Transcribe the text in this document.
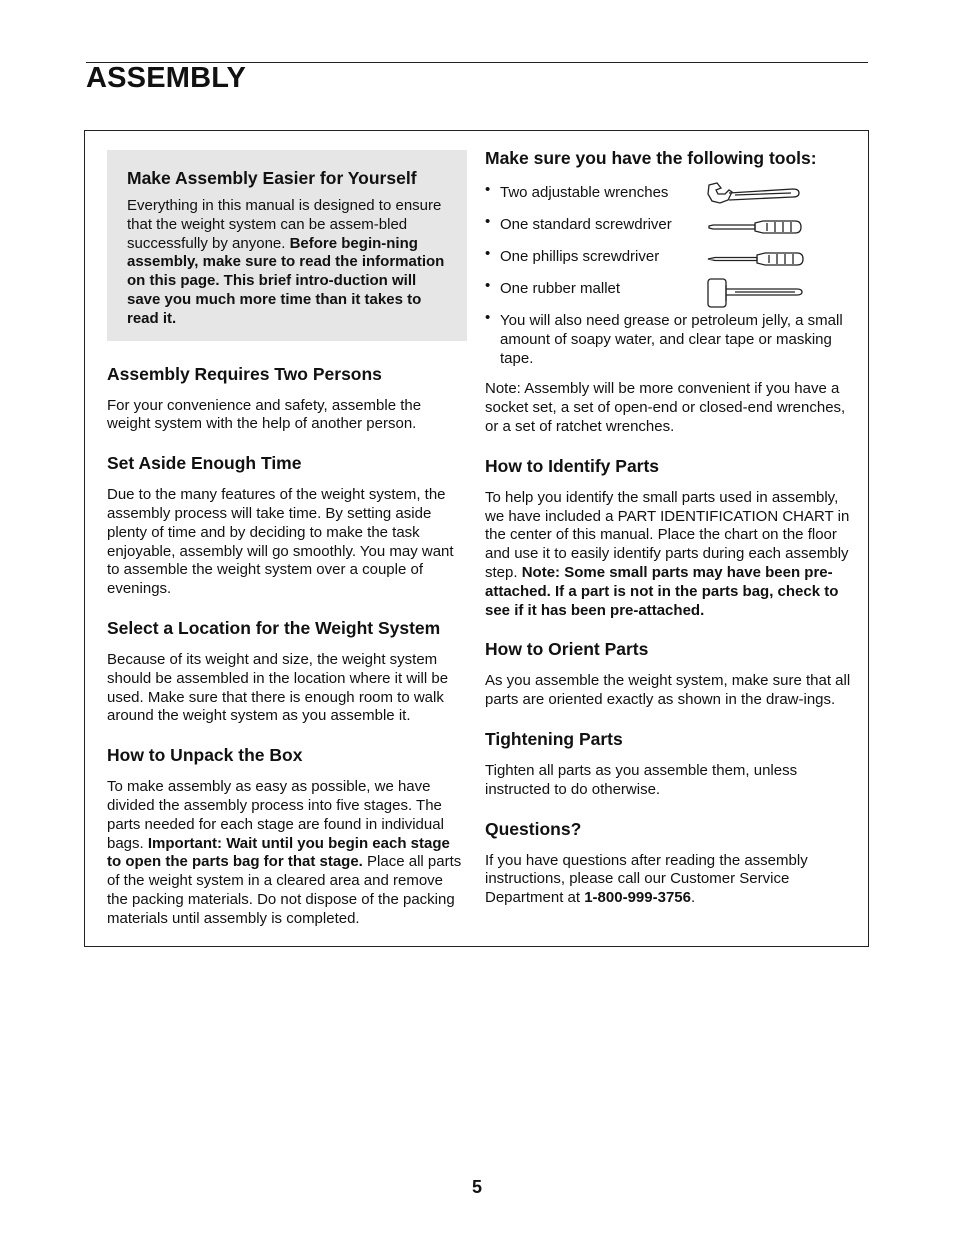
ASSEMBLY
Make Assembly Easier for Yourself

Everything in this manual is designed to ensure that the weight system can be assem-bled successfully by anyone. Before begin-ning assembly, make sure to read the information on this page. This brief intro-duction will save you much more time than it takes to read it.

Assembly Requires Two Persons

For your convenience and safety, assemble the weight system with the help of another person.

Set Aside Enough Time

Due to the many features of the weight system, the assembly process will take time. By setting aside plenty of time and by deciding to make the task enjoyable, assembly will go smoothly. You may want to assemble the weight system over a couple of evenings.

Select a Location for the Weight System

Because of its weight and size, the weight system should be assembled in the location where it will be used. Make sure that there is enough room to walk around the weight system as you assemble it.

How to Unpack the Box

To make assembly as easy as possible, we have divided the assembly process into five stages. The parts needed for each stage are found in individual bags. Important: Wait until you begin each stage to open the parts bag for that stage. Place all parts of the weight system in a cleared area and remove the packing materials. Do not dispose of the packing materials until assembly is completed.

Make sure you have the following tools:
• Two adjustable wrenches
• One standard screwdriver
• One phillips screwdriver
• One rubber mallet
• You will also need grease or petroleum jelly, a small amount of soapy water, and clear tape or masking tape.

Note: Assembly will be more convenient if you have a socket set, a set of open-end or closed-end wrenches, or a set of ratchet wrenches.

How to Identify Parts

To help you identify the small parts used in assembly, we have included a PART IDENTIFICATION CHART in the center of this manual. Place the chart on the floor and use it to easily identify parts during each assembly step. Note: Some small parts may have been pre-attached. If a part is not in the parts bag, check to see if it has been pre-attached.

How to Orient Parts

As you assemble the weight system, make sure that all parts are oriented exactly as shown in the draw-ings.

Tightening Parts

Tighten all parts as you assemble them, unless instructed to do otherwise.

Questions?

If you have questions after reading the assembly instructions, please call our Customer Service Department at 1-800-999-3756.

5
